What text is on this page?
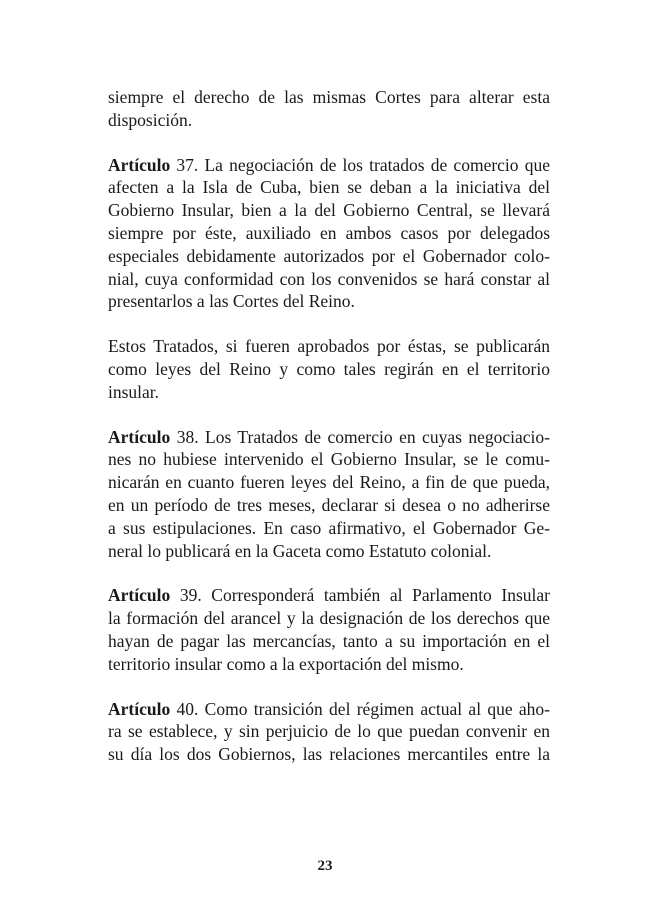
siempre el derecho de las mismas Cortes para alterar esta
disposición.

Artículo 37. La negociación de los tratados de comercio que
afecten a la Isla de Cuba, bien se deban a la iniciativa del
Gobierno Insular, bien a la del Gobierno Central, se llevará
siempre por éste, auxiliado en ambos casos por delegados
especiales debidamente autorizados por el Gobernador colo-
nial, cuya conformidad con los convenidos se hará constar al
presentarlos a las Cortes del Reino.

Estos Tratados, si fueren aprobados por éstas, se publicarán
como leyes del Reino y como tales regirán en el territorio
insular.

Artículo 38. Los Tratados de comercio en cuyas negociacio-
nes no hubiese intervenido el Gobierno Insular, se le comu-
nicarán en cuanto fueren leyes del Reino, a fin de que pueda,
en un período de tres meses, declarar si desea o no adherirse
a sus estipulaciones. En caso afirmativo, el Gobernador Ge-
neral lo publicará en la Gaceta como Estatuto colonial.

Artículo 39. Corresponderá también al Parlamento Insular
la formación del arancel y la designación de los derechos que
hayan de pagar las mercancías, tanto a su importación en el
territorio insular como a la exportación del mismo.

Artículo 40. Como transición del régimen actual al que aho-
ra se establece, y sin perjuicio de lo que puedan convenir en
su día los dos Gobiernos, las relaciones mercantiles entre la

23
